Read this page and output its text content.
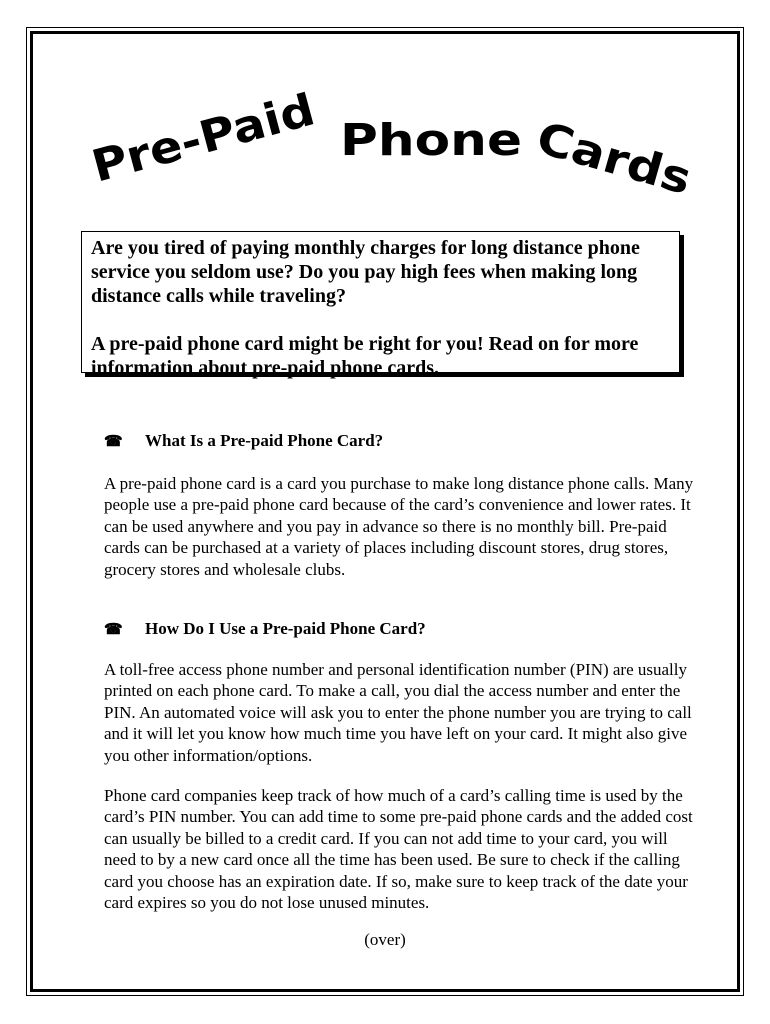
Pre-Paid Phone Cards

Are you tired of paying monthly charges for long distance phone service you seldom use? Do you pay high fees when making long distance calls while traveling?

A pre-paid phone card might be right for you! Read on for more information about pre-paid phone cards.

☎ What Is a Pre-paid Phone Card?

A pre-paid phone card is a card you purchase to make long distance phone calls. Many people use a pre-paid phone card because of the card’s convenience and lower rates. It can be used anywhere and you pay in advance so there is no monthly bill. Pre-paid cards can be purchased at a variety of places including discount stores, drug stores, grocery stores and wholesale clubs.

☎ How Do I Use a Pre-paid Phone Card?

A toll-free access phone number and personal identification number (PIN) are usually printed on each phone card. To make a call, you dial the access number and enter the PIN. An automated voice will ask you to enter the phone number you are trying to call and it will let you know how much time you have left on your card. It might also give you other information/options.

Phone card companies keep track of how much of a card’s calling time is used by the card’s PIN number. You can add time to some pre-paid phone cards and the added cost can usually be billed to a credit card. If you can not add time to your card, you will need to by a new card once all the time has been used. Be sure to check if the calling card you choose has an expiration date. If so, make sure to keep track of the date your card expires so you do not lose unused minutes.

(over)
